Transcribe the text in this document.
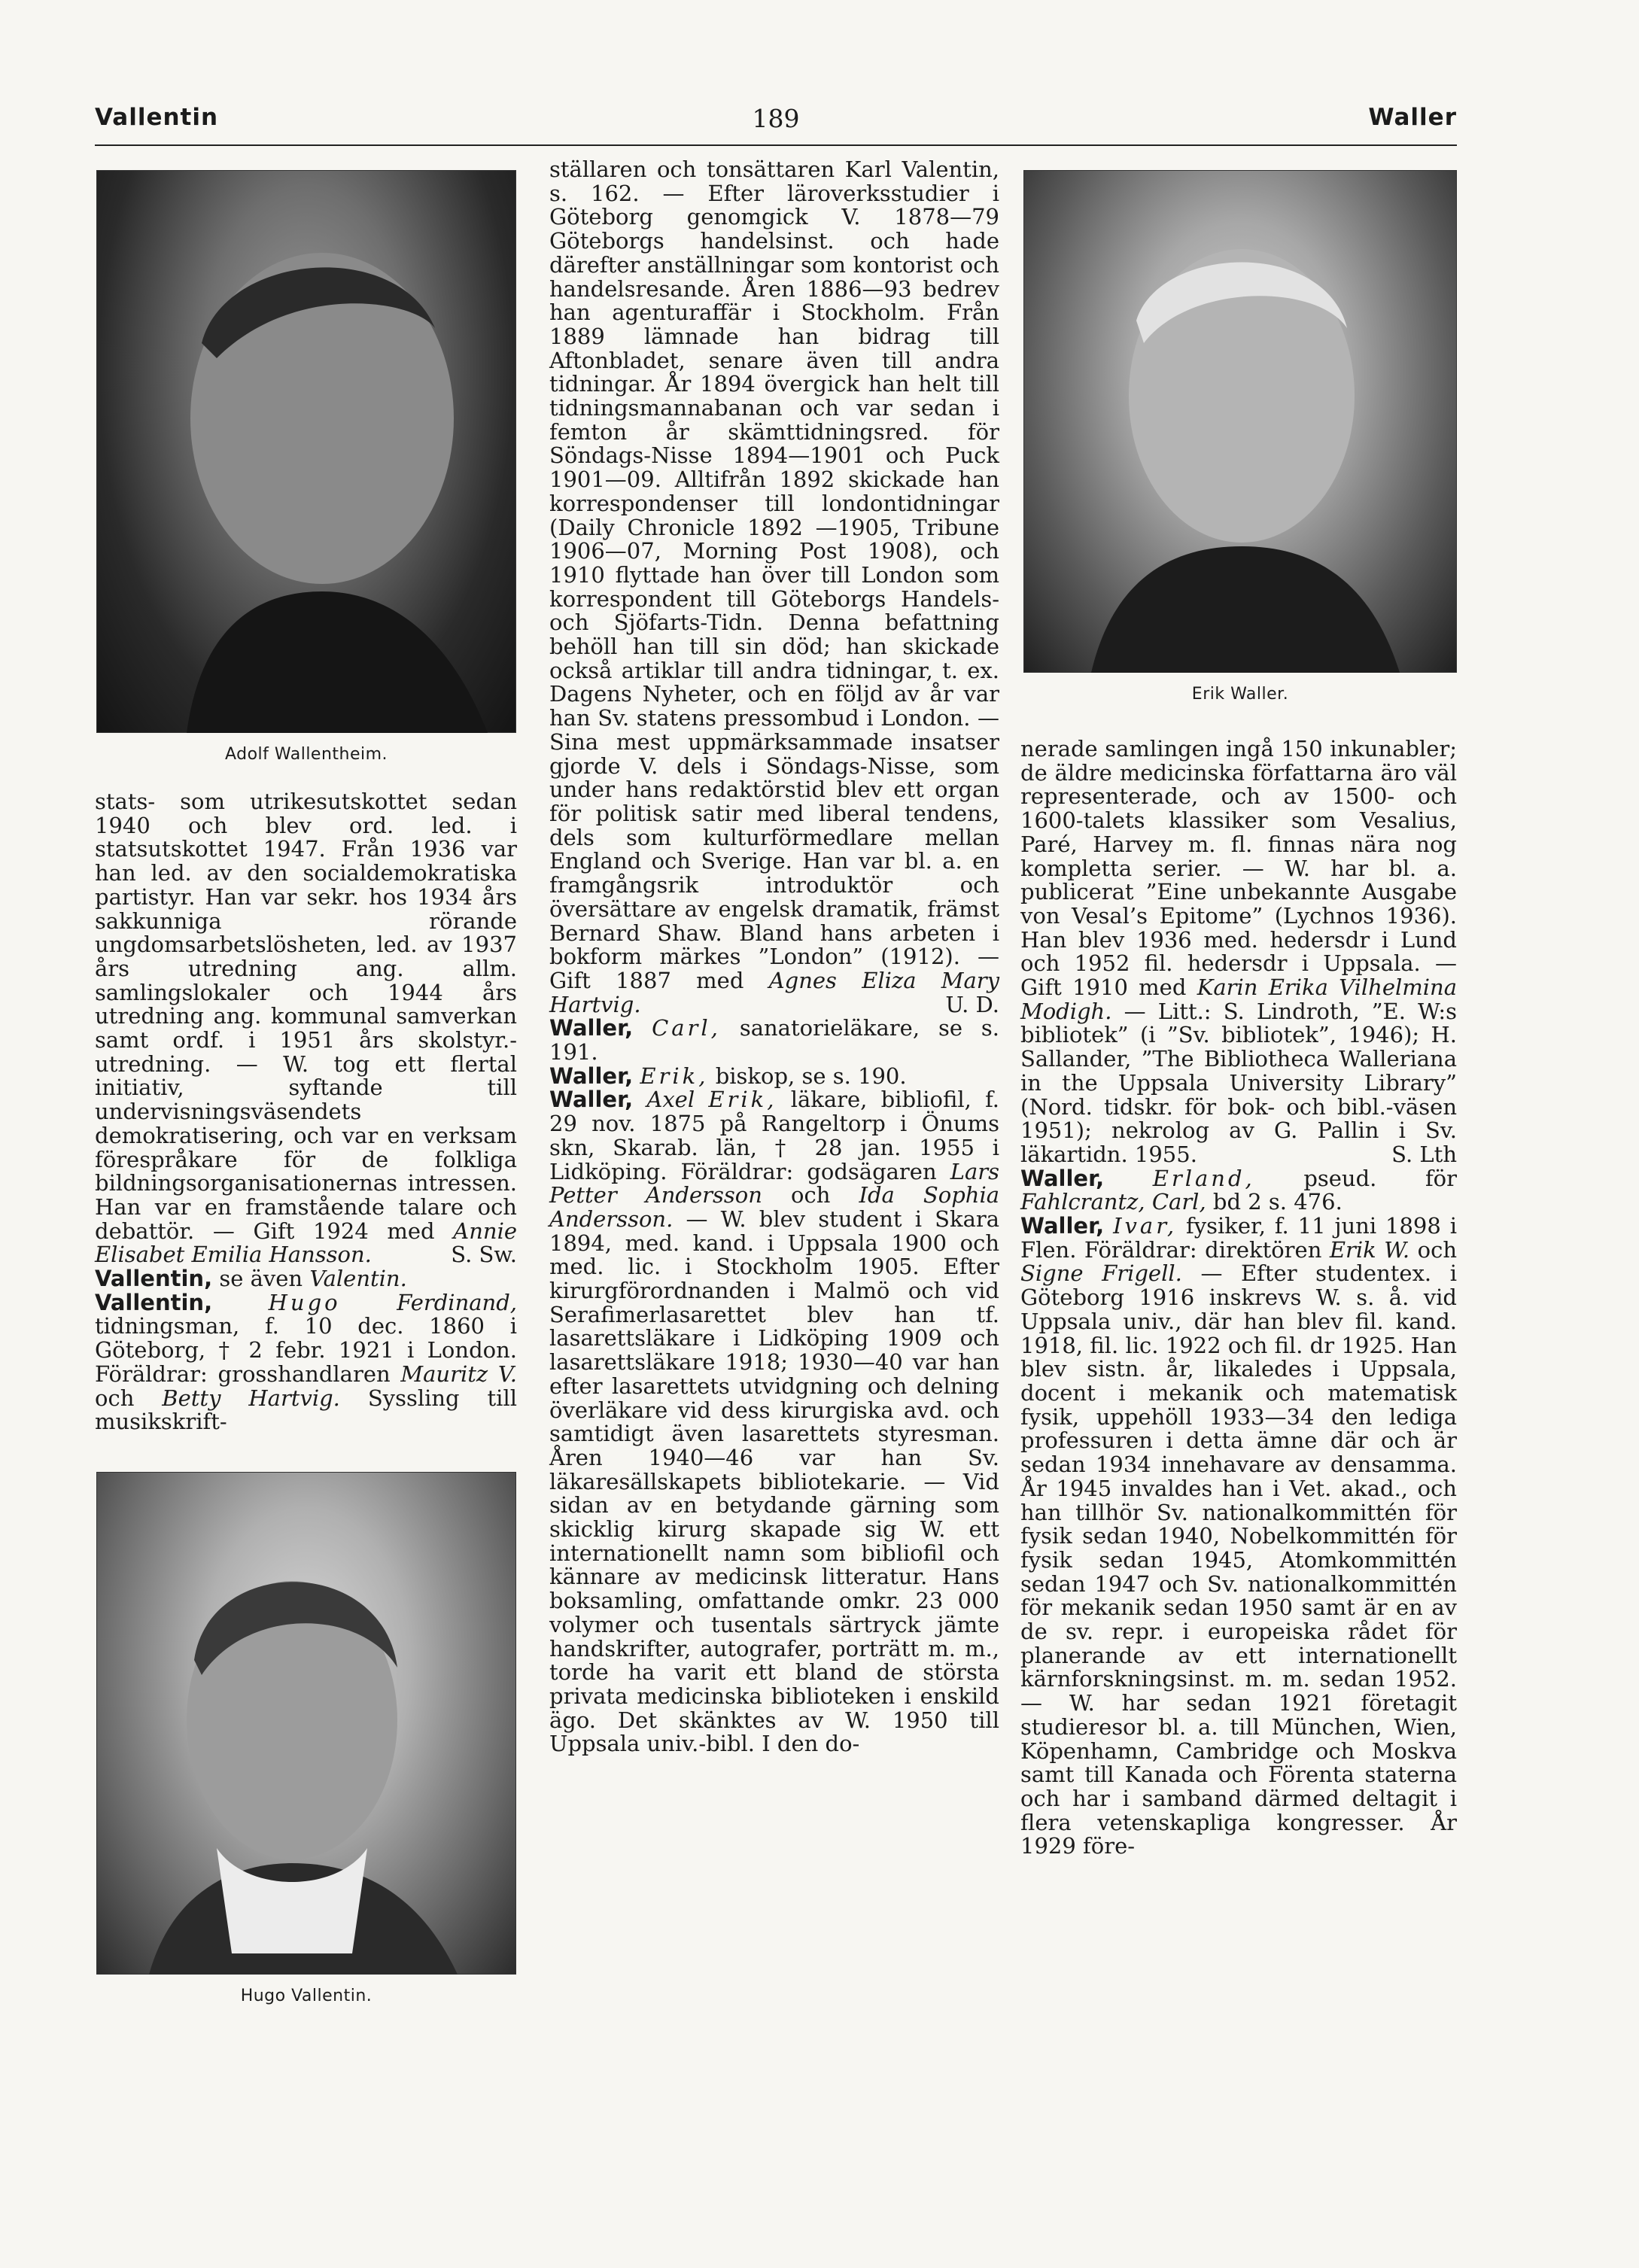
Vallentin	189	Waller
Adolf Wallentheim.
Erik Waller.
Hugo Vallentin.

stats- som utrikesutskottet sedan 1940 och blev ord. led. i statsutskottet 1947. Från 1936 var han led. av den socialdemokratiska partistyr. Han var sekr. hos 1934 års sakkunniga rörande ungdomsarbetslösheten, led. av 1937 års utredning ang. allm. samlingslokaler och 1944 års utredning ang. kommunal samverkan samt ordf. i 1951 års skolstyr.-utredning. — W. tog ett flertal initiativ, syftande till undervisningsväsendets demokratisering, och var en verksam förespråkare för de folkliga bildningsorganisationernas intressen. Han var en framstående talare och debattör. — Gift 1924 med Annie Elisabet Emilia Hansson.	S. Sw.

Vallentin, se även Valentin.

Vallentin,	Hugo	Ferdinand, tidningsman, f. 10 dec. 1860 i Göteborg, † 2 febr. 1921 i London. Föräldrar: grosshandlaren Mauritz V. och Betty Hartvig. Syssling till musikskrift-

ställaren och tonsättaren Karl Valentin, s. 162. — Efter läroverksstudier i Göteborg genomgick V. 1878—79 Göteborgs handelsinst. och hade därefter anställningar som kontorist och handelsresande. Åren 1886—93 bedrev han agenturaffär i Stockholm. Från 1889 lämnade han bidrag till Aftonbladet, senare även till andra tidningar. År 1894 övergick han helt till tidningsmannabanan och var sedan i femton år skämttidningsred. för Söndags-Nisse 1894—1901 och Puck 1901—09. Alltifrån 1892 skickade han korrespondenser till londontidningar (Daily Chronicle 1892 —1905, Tribune 1906—07, Morning Post 1908), och 1910 flyttade han över till London som korrespondent till Göteborgs Handels- och Sjöfarts-Tidn. Denna befattning behöll han till sin död; han skickade också artiklar till andra tidningar, t. ex. Dagens Nyheter, och en följd av år var han Sv. statens pressombud i London. — Sina mest uppmärksammade insatser gjorde V. dels i Söndags-Nisse, som under hans redaktörstid blev ett organ för politisk satir med liberal tendens, dels som kulturförmedlare mellan England och Sverige. Han var bl. a. en framgångsrik introduktör och översättare av engelsk dramatik, främst Bernard Shaw. Bland hans arbeten i bokform märkes ”London” (1912). — Gift 1887 med Agnes Eliza Mary Hartvig.	U. D.

Waller, Carl, sanatorieläkare, se s. 191.

Waller, Erik, biskop, se s. 190.

Waller, Axel Erik, läkare, bibliofil, f. 29 nov. 1875 på Rangeltorp i Önums skn, Skarab. län, † 28 jan. 1955 i Lidköping. Föräldrar: godsägaren Lars Petter Andersson och Ida Sophia Andersson. — W. blev student i Skara 1894, med. kand. i Uppsala 1900 och med. lic. i Stockholm 1905. Efter kirurgförordnanden i Malmö och vid Serafimerlasarettet blev han tf. lasarettsläkare i Lidköping 1909 och lasarettsläkare 1918; 1930—40 var han efter lasarettets utvidgning och delning överläkare vid dess kirurgiska avd. och samtidigt även lasarettets styresman. Åren 1940—46 var han Sv. läkaresällskapets bibliotekarie. — Vid sidan av en betydande gärning som skicklig kirurg skapade sig W. ett internationellt namn som bibliofil och kännare av medicinsk litteratur. Hans boksamling, omfattande omkr. 23 000 volymer och tusentals särtryck jämte handskrifter, autografer, porträtt m. m., torde ha varit ett bland de största privata medicinska biblioteken i enskild ägo. Det skänktes av W. 1950 till Uppsala univ.-bibl. I den do-

nerade samlingen ingå 150 inkunabler; de äldre medicinska författarna äro väl representerade, och av 1500- och 1600-talets klassiker som Vesalius, Paré, Harvey m. fl. finnas nära nog kompletta serier. — W. har bl. a. publicerat ”Eine unbekannte Ausgabe von Vesal’s Epitome” (Lychnos 1936). Han blev 1936 med. hedersdr i Lund och 1952 fil. hedersdr i Uppsala. — Gift 1910 med Karin Erika Vilhelmina Modigh. — Litt.: S. Lindroth, ”E. W:s bibliotek” (i ”Sv. bibliotek”, 1946); H. Sallander, ”The Bibliotheca Walleriana in the Uppsala University Library” (Nord. tidskr. för bok- och bibl.-väsen 1951); nekrolog av G. Pallin i Sv. läkartidn. 1955.	S. Lth

Waller, Erland, pseud. för Fahlcrantz, Carl, bd 2 s. 476.

Waller, Ivar, fysiker, f. 11 juni 1898 i Flen. Föräldrar: direktören Erik W. och Signe Frigell. — Efter studentex. i Göteborg 1916 inskrevs W. s. å. vid Uppsala univ., där han blev fil. kand. 1918, fil. lic. 1922 och fil. dr 1925. Han blev sistn. år, likaledes i Uppsala, docent i mekanik och matematisk fysik, uppehöll 1933—34 den lediga professuren i detta ämne där och är sedan 1934 innehavare av densamma. År 1945 invaldes han i Vet. akad., och han tillhör Sv. nationalkommittén för fysik sedan 1940, Nobelkommittén för fysik sedan 1945, Atomkommittén sedan 1947 och Sv. nationalkommittén för mekanik sedan 1950 samt är en av de sv. repr. i europeiska rådet för planerande av ett internationellt kärnforskningsinst. m. m. sedan 1952. — W. har sedan 1921 företagit studieresor bl. a. till München, Wien, Köpenhamn, Cambridge och Moskva samt till Kanada och Förenta staterna och har i samband därmed deltagit i flera vetenskapliga kongresser. År 1929 före-
